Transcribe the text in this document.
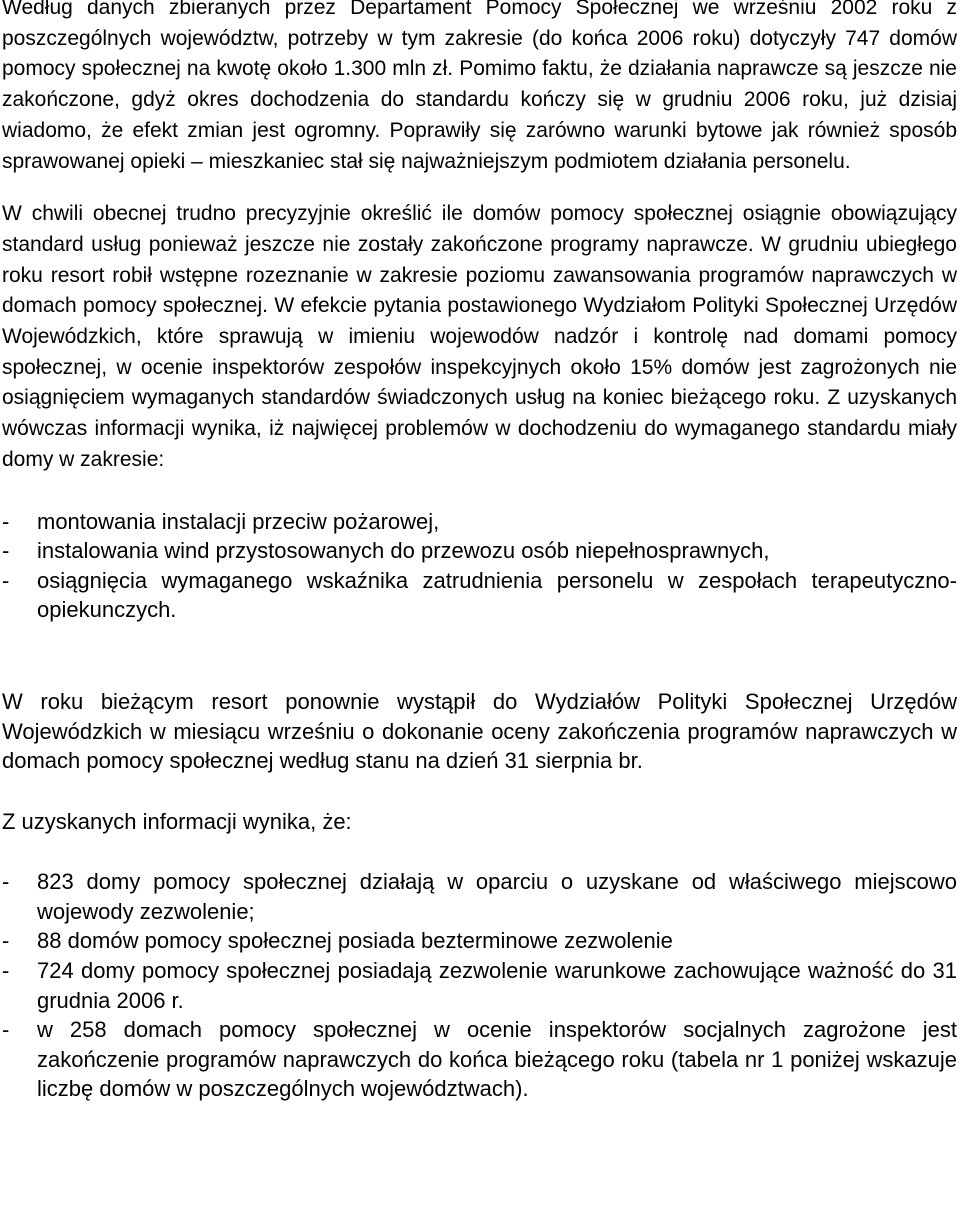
Według danych zbieranych przez Departament Pomocy Społecznej we wrześniu 2002 roku z poszczególnych województw, potrzeby w tym zakresie (do końca 2006 roku) dotyczyły 747 domów pomocy społecznej na kwotę około 1.300 mln zł. Pomimo faktu, że działania naprawcze są jeszcze nie zakończone, gdyż okres dochodzenia do standardu kończy się w grudniu 2006 roku, już dzisiaj wiadomo, że efekt zmian jest ogromny. Poprawiły się zarówno warunki bytowe jak również sposób sprawowanej opieki – mieszkaniec stał się najważniejszym podmiotem działania personelu.

W chwili obecnej trudno precyzyjnie określić ile domów pomocy społecznej osiągnie obowiązujący standard usług ponieważ jeszcze nie zostały zakończone programy naprawcze. W grudniu ubiegłego roku resort robił wstępne rozeznanie w zakresie poziomu zawansowania programów naprawczych w domach pomocy społecznej. W efekcie pytania postawionego Wydziałom Polityki Społecznej Urzędów Wojewódzkich, które sprawują w imieniu wojewodów nadzór i kontrolę nad domami pomocy społecznej, w ocenie inspektorów zespołów inspekcyjnych około 15% domów jest zagrożonych nie osiągnięciem wymaganych standardów świadczonych usług na koniec bieżącego roku. Z uzyskanych wówczas informacji wynika, iż najwięcej problemów w dochodzeniu do wymaganego standardu miały domy w zakresie:

- montowania instalacji przeciw pożarowej,
- instalowania wind przystosowanych do przewozu osób niepełnosprawnych,
- osiągnięcia wymaganego wskaźnika zatrudnienia personelu w zespołach terapeutyczno-opiekunczych.

W roku bieżącym resort ponownie wystąpił do Wydziałów Polityki Społecznej Urzędów Wojewódzkich w miesiącu wrześniu o dokonanie oceny zakończenia programów naprawczych w domach pomocy społecznej według stanu na dzień 31 sierpnia br.

Z uzyskanych informacji wynika, że:

- 823 domy pomocy społecznej działają w oparciu o uzyskane od właściwego miejscowo wojewody zezwolenie;
- 88 domów pomocy społecznej posiada bezterminowe zezwolenie
- 724 domy pomocy społecznej posiadają zezwolenie warunkowe zachowujące ważność do 31 grudnia 2006 r.
- w 258 domach pomocy społecznej w ocenie inspektorów socjalnych zagrożone jest zakończenie programów naprawczych do końca bieżącego roku (tabela nr 1 poniżej wskazuje liczbę domów w poszczególnych województwach).
